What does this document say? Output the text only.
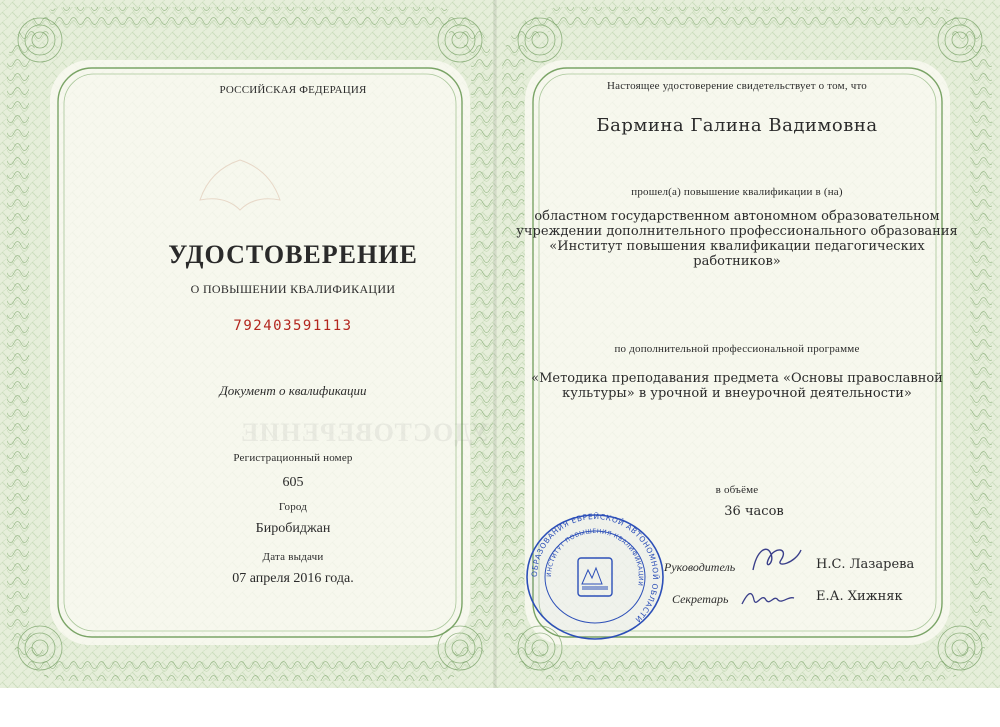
УДОСТОВЕРЕНИЕ
РОССИЙСКАЯ ФЕДЕРАЦИЯ
УДОСТОВЕРЕНИЕ
О ПОВЫШЕНИИ КВАЛИФИКАЦИИ
792403591113
Документ о квалификации
Регистрационный номер
605
Город
Биробиджан
Дата выдачи
07 апреля 2016 года.
Настоящее удостоверение свидетельствует о том, что
Бармина Галина Вадимовна
прошел(а) повышение квалификации в (на)
областном государственном автономном образовательном
учреждении дополнительного профессионального образования
«Институт повышения квалификации педагогических
работников»
по дополнительной профессиональной программе
«Методика преподавания предмета «Основы православной
культуры» в урочной и внеурочной деятельности»
в объёме
36 часов
Руководитель	Н.С. Лазарева
Секретарь	Е.А. Хижняк
ОБРАЗОВАНИЯ ЕВРЕЙСКОЙ АВТОНОМНОЙ ОБЛАСТИ
ИНСТИТУТ ПОВЫШЕНИЯ КВАЛИФИКАЦИИ
